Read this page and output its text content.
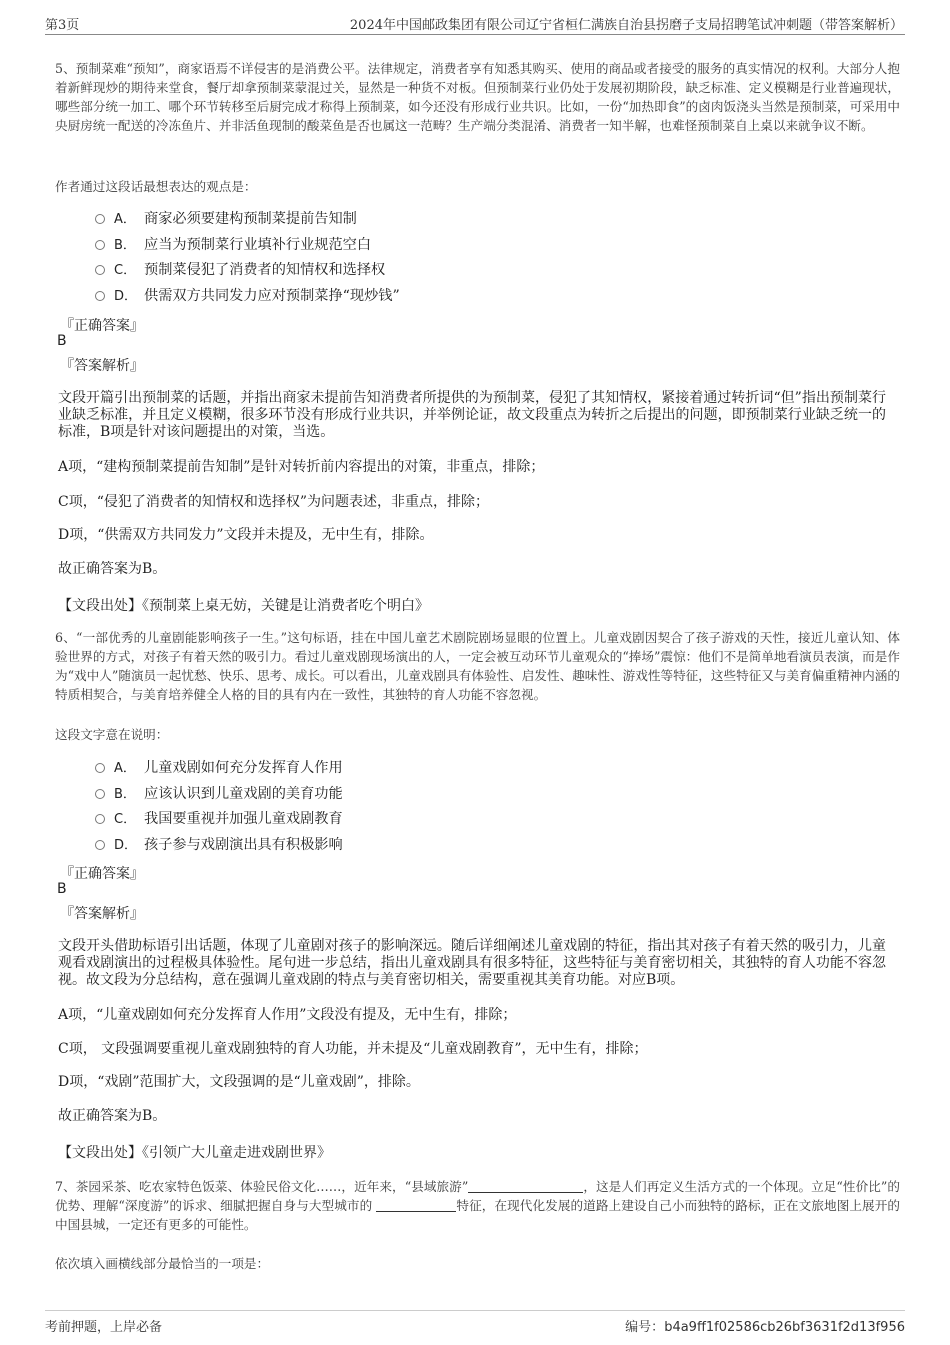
第3页	2024年中国邮政集团有限公司辽宁省桓仁满族自治县拐磨子支局招聘笔试冲刺题（带答案解析）
5、预制菜难“预知”，商家语焉不详侵害的是消费公平。法律规定，消费者享有知悉其购买、使用的商品或者接受的服务的真实情况的权利。大部分人抱着新鲜现炒的期待来堂食，餐厅却拿预制菜蒙混过关，显然是一种货不对板。但预制菜行业仍处于发展初期阶段，缺乏标准、定义模糊是行业普遍现状，哪些部分统一加工、哪个环节转移至后厨完成才称得上预制菜，如今还没有形成行业共识。比如，一份“加热即食”的卤肉饭浇头当然是预制菜，可采用中央厨房统一配送的冷冻鱼片、并非活鱼现制的酸菜鱼是否也属这一范畴？生产端分类混淆、消费者一知半解，也难怪预制菜自上桌以来就争议不断。
作者通过这段话最想表达的观点是：
A． 商家必须要建构预制菜提前告知制
B． 应当为预制菜行业填补行业规范空白
C． 预制菜侵犯了消费者的知情权和选择权
D． 供需双方共同发力应对预制菜挣“现炒钱”
『正确答案』
B
『答案解析』
文段开篇引出预制菜的话题，并指出商家未提前告知消费者所提供的为预制菜，侵犯了其知情权，紧接着通过转折词“但”指出预制菜行业缺乏标准，并且定义模糊，很多环节没有形成行业共识，并举例论证，故文段重点为转折之后提出的问题，即预制菜行业缺乏统一的标准，B项是针对该问题提出的对策，当选。
A项，“建构预制菜提前告知制”是针对转折前内容提出的对策，非重点，排除；
C项，“侵犯了消费者的知情权和选择权”为问题表述，非重点，排除；
D项，“供需双方共同发力”文段并未提及，无中生有，排除。
故正确答案为B。
【文段出处】《预制菜上桌无妨，关键是让消费者吃个明白》
6、“一部优秀的儿童剧能影响孩子一生。”这句标语，挂在中国儿童艺术剧院剧场显眼的位置上。儿童戏剧因契合了孩子游戏的天性，接近儿童认知、体验世界的方式，对孩子有着天然的吸引力。看过儿童戏剧现场演出的人，一定会被互动环节儿童观众的“捧场”震惊：他们不是简单地看演员表演，而是作为“戏中人”随演员一起忧愁、快乐、思考、成长。可以看出，儿童戏剧具有体验性、启发性、趣味性、游戏性等特征，这些特征又与美育偏重精神内涵的特质相契合，与美育培养健全人格的目的具有内在一致性，其独特的育人功能不容忽视。
这段文字意在说明：
A． 儿童戏剧如何充分发挥育人作用
B． 应该认识到儿童戏剧的美育功能
C． 我国要重视并加强儿童戏剧教育
D． 孩子参与戏剧演出具有积极影响
『正确答案』
B
『答案解析』
文段开头借助标语引出话题，体现了儿童剧对孩子的影响深远。随后详细阐述儿童戏剧的特征，指出其对孩子有着天然的吸引力，儿童观看戏剧演出的过程极具体验性。尾句进一步总结，指出儿童戏剧具有很多特征，这些特征与美育密切相关，其独特的育人功能不容忽视。故文段为分总结构，意在强调儿童戏剧的特点与美育密切相关，需要重视其美育功能。对应B项。
A项，“儿童戏剧如何充分发挥育人作用”文段没有提及，无中生有，排除；
C项， 文段强调要重视儿童戏剧独特的育人功能，并未提及“儿童戏剧教育”，无中生有，排除；
D项，“戏剧”范围扩大，文段强调的是“儿童戏剧”，排除。
故正确答案为B。
【文段出处】《引领广大儿童走进戏剧世界》
7、茶园采茶、吃农家特色饭菜、体验民俗文化……，近年来，“县域旅游”	，这是人们再定义生活方式的一个体现。立足“性价比”的优势、理解“深度游”的诉求、细腻把握自身与大型城市的	特征，在现代化发展的道路上建设自己小而独特的路标，正在文旅地图上展开的中国县城，一定还有更多的可能性。
依次填入画横线部分最恰当的一项是：
考前押题，上岸必备	编号：b4a9ff1f02586cb26bf3631f2d13f956
